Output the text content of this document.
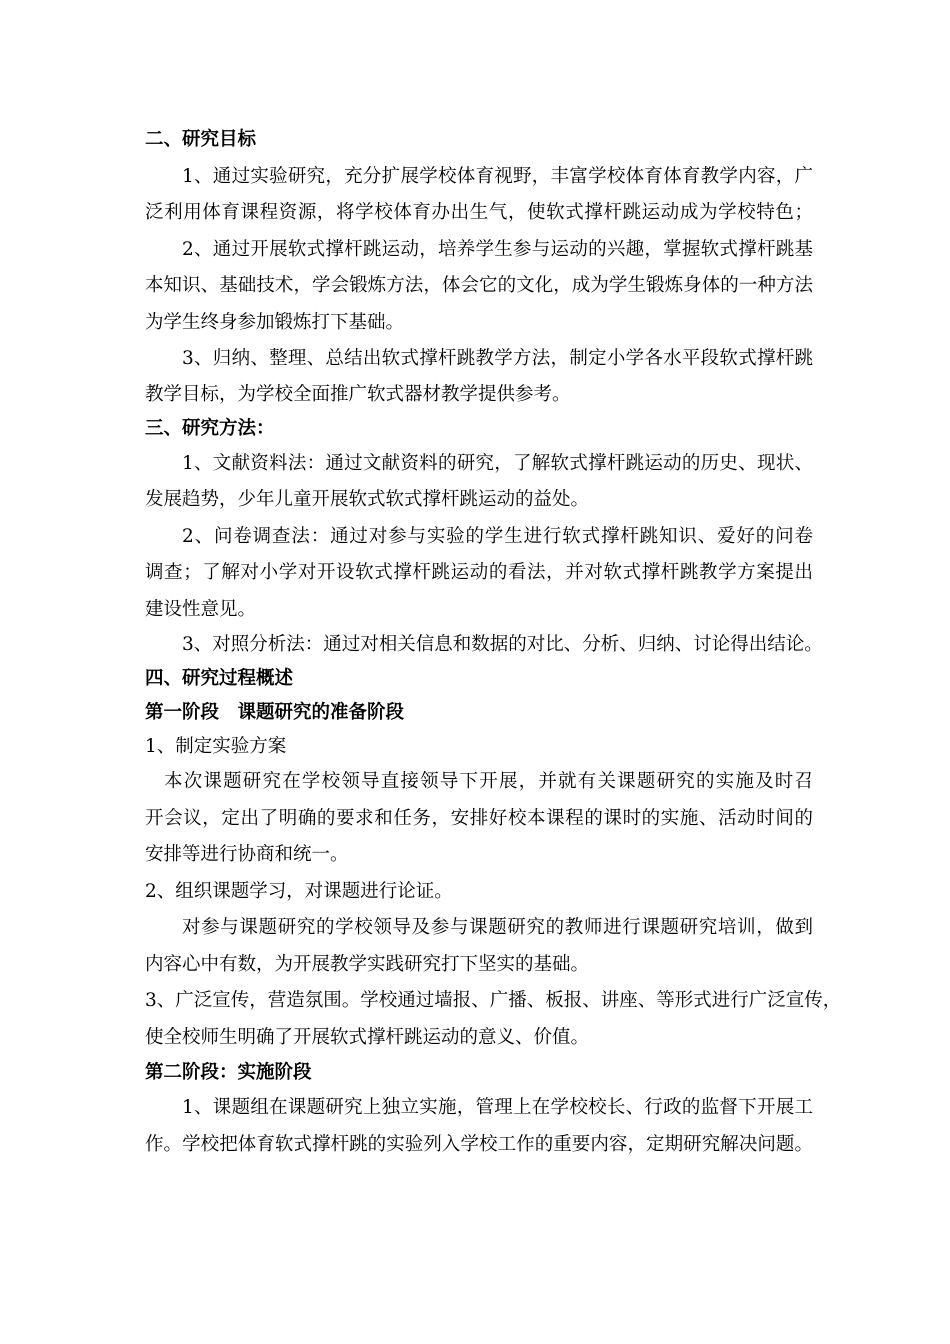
二、研究目标
1、通过实验研究，充分扩展学校体育视野，丰富学校体育体育教学内容，广
泛利用体育课程资源，将学校体育办出生气，使软式撑杆跳运动成为学校特色；
2、通过开展软式撑杆跳运动，培养学生参与运动的兴趣，掌握软式撑杆跳基
本知识、基础技术，学会锻炼方法，体会它的文化，成为学生锻炼身体的一种方法
为学生终身参加锻炼打下基础。
3、归纳、整理、总结出软式撑杆跳教学方法，制定小学各水平段软式撑杆跳
教学目标，为学校全面推广软式器材教学提供参考。
三、研究方法：
1、文献资料法：通过文献资料的研究，了解软式撑杆跳运动的历史、现状、
发展趋势，少年儿童开展软式软式撑杆跳运动的益处。
2、问卷调查法：通过对参与实验的学生进行软式撑杆跳知识、爱好的问卷
调查；了解对小学对开设软式撑杆跳运动的看法，并对软式撑杆跳教学方案提出
建设性意见。
3、对照分析法：通过对相关信息和数据的对比、分析、归纳、讨论得出结论。
四、研究过程概述
第一阶段　课题研究的准备阶段
1、制定实验方案
本次课题研究在学校领导直接领导下开展，并就有关课题研究的实施及时召
开会议，定出了明确的要求和任务，安排好校本课程的课时的实施、活动时间的
安排等进行协商和统一。
2、组织课题学习，对课题进行论证。
对参与课题研究的学校领导及参与课题研究的教师进行课题研究培训，做到
内容心中有数，为开展教学实践研究打下坚实的基础。
3、广泛宣传，营造氛围。学校通过墙报、广播、板报、讲座、等形式进行广泛宣传，
使全校师生明确了开展软式撑杆跳运动的意义、价值。
第二阶段：实施阶段
1、课题组在课题研究上独立实施，管理上在学校校长、行政的监督下开展工
作。学校把体育软式撑杆跳的实验列入学校工作的重要内容，定期研究解决问题。
